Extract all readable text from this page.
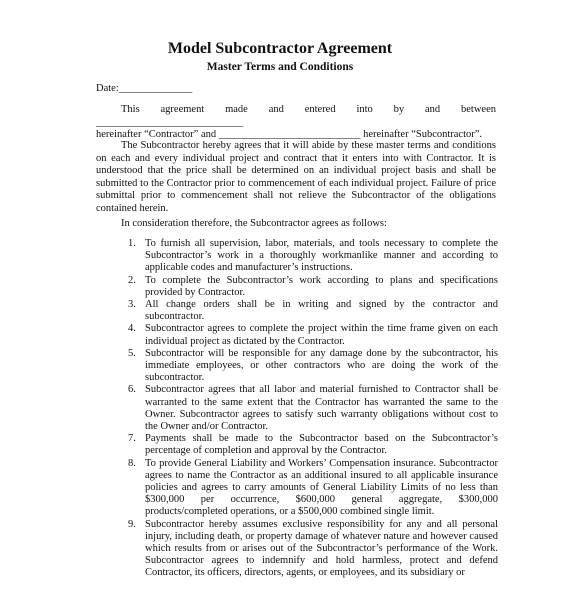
Model Subcontractor Agreement
Master Terms and Conditions
Date:______________

This agreement made and entered into by and between ____________________________

hereinafter “Contractor” and ___________________________ hereinafter “Subcontractor”.

The Subcontractor hereby agrees that it will abide by these master terms and conditions on each and every individual project and contract that it enters into with Contractor. It is understood that the price shall be determined on an individual project basis and shall be submitted to the Contractor prior to commencement of each individual project. Failure of price submittal prior to commencement shall not relieve the Subcontractor of the obligations contained herein.

In consideration therefore, the Subcontractor agrees as follows:
1. To furnish all supervision, labor, materials, and tools necessary to complete the Subcontractor’s work in a thoroughly workmanlike manner and according to applicable codes and manufacturer’s instructions.
2. To complete the Subcontractor’s work according to plans and specifications provided by Contractor.
3. All change orders shall be in writing and signed by the contractor and subcontractor.
4. Subcontractor agrees to complete the project within the time frame given on each individual project as dictated by the Contractor.
5. Subcontractor will be responsible for any damage done by the subcontractor, his immediate employees, or other contractors who are doing the work of the subcontractor.
6. Subcontractor agrees that all labor and material furnished to Contractor shall be warranted to the same extent that the Contractor has warranted the same to the Owner. Subcontractor agrees to satisfy such warranty obligations without cost to the Owner and/or Contractor.
7. Payments shall be made to the Subcontractor based on the Subcontractor’s percentage of completion and approval by the Contractor.
8. To provide General Liability and Workers’ Compensation insurance. Subcontractor agrees to name the Contractor as an additional insured to all applicable insurance policies and agrees to carry amounts of General Liability Limits of no less than $300,000 per occurrence, $600,000 general aggregate, $300,000 products/completed operations, or a $500,000 combined single limit.
9. Subcontractor hereby assumes exclusive responsibility for any and all personal injury, including death, or property damage of whatever nature and however caused which results from or arises out of the Subcontractor’s performance of the Work. Subcontractor agrees to indemnify and hold harmless, protect and defend Contractor, its officers, directors, agents, or employees, and its subsidiary or
